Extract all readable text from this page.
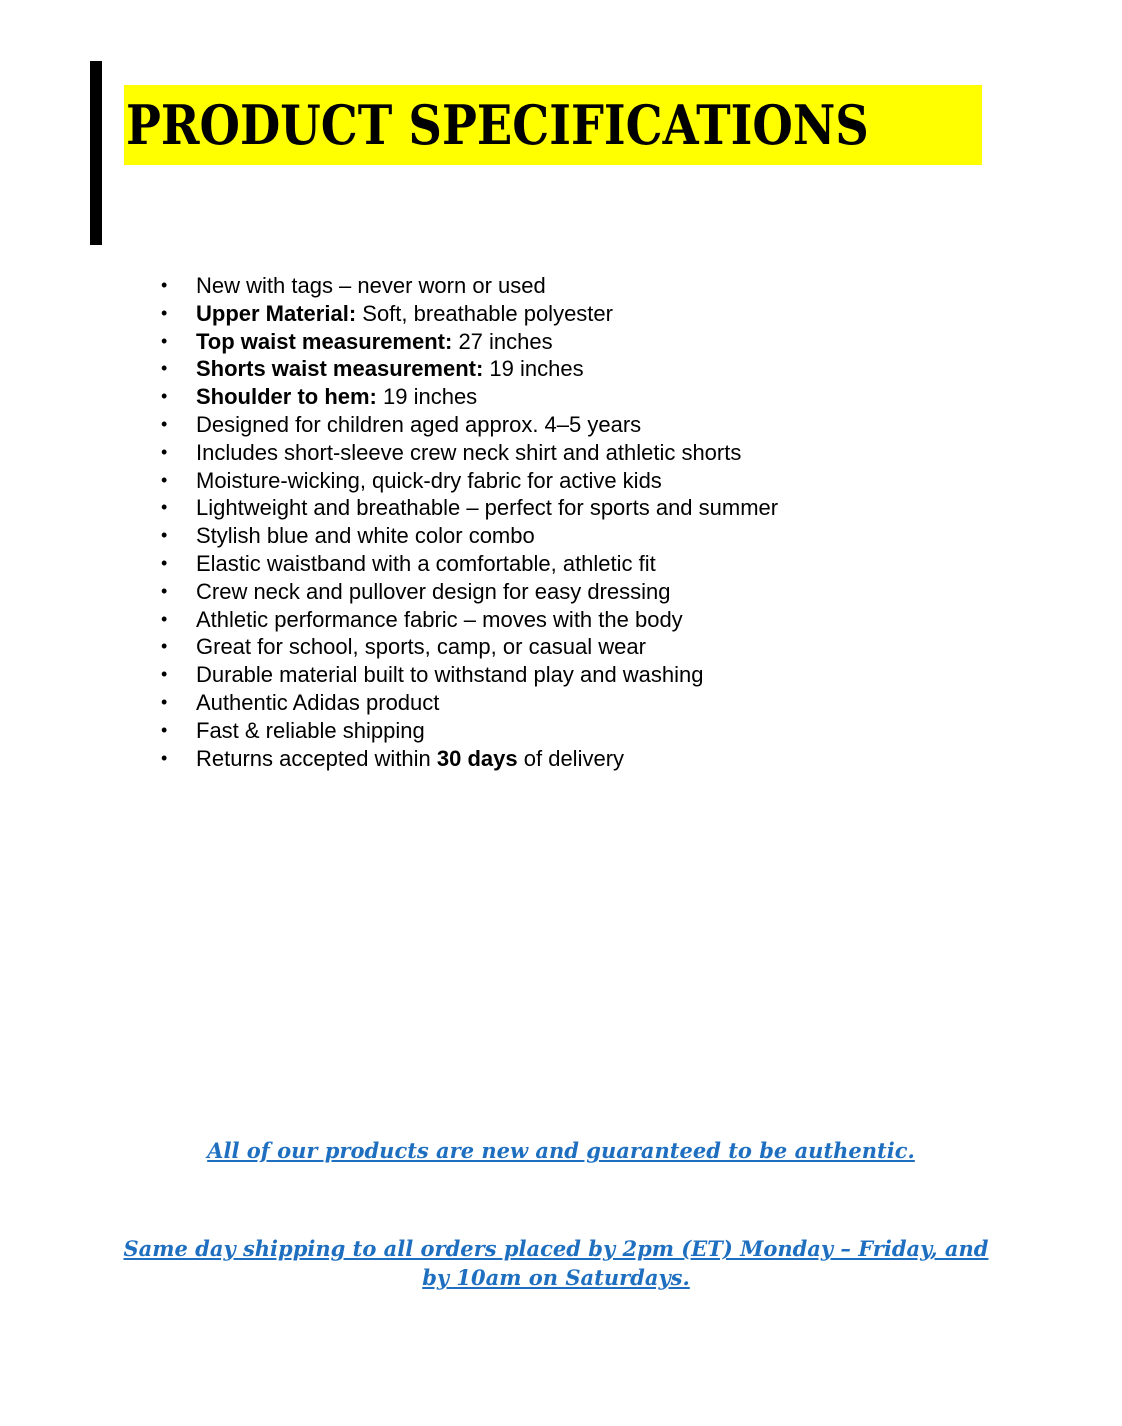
PRODUCT SPECIFICATIONS
• New with tags – never worn or used
• Upper Material: Soft, breathable polyester
• Top waist measurement: 27 inches
• Shorts waist measurement: 19 inches
• Shoulder to hem: 19 inches
• Designed for children aged approx. 4–5 years
• Includes short-sleeve crew neck shirt and athletic shorts
• Moisture-wicking, quick-dry fabric for active kids
• Lightweight and breathable – perfect for sports and summer
• Stylish blue and white color combo
• Elastic waistband with a comfortable, athletic fit
• Crew neck and pullover design for easy dressing
• Athletic performance fabric – moves with the body
• Great for school, sports, camp, or casual wear
• Durable material built to withstand play and washing
• Authentic Adidas product
• Fast & reliable shipping
• Returns accepted within 30 days of delivery
All of our products are new and guaranteed to be authentic.
Same day shipping to all orders placed by 2pm (ET) Monday – Friday, and by 10am on Saturdays.
